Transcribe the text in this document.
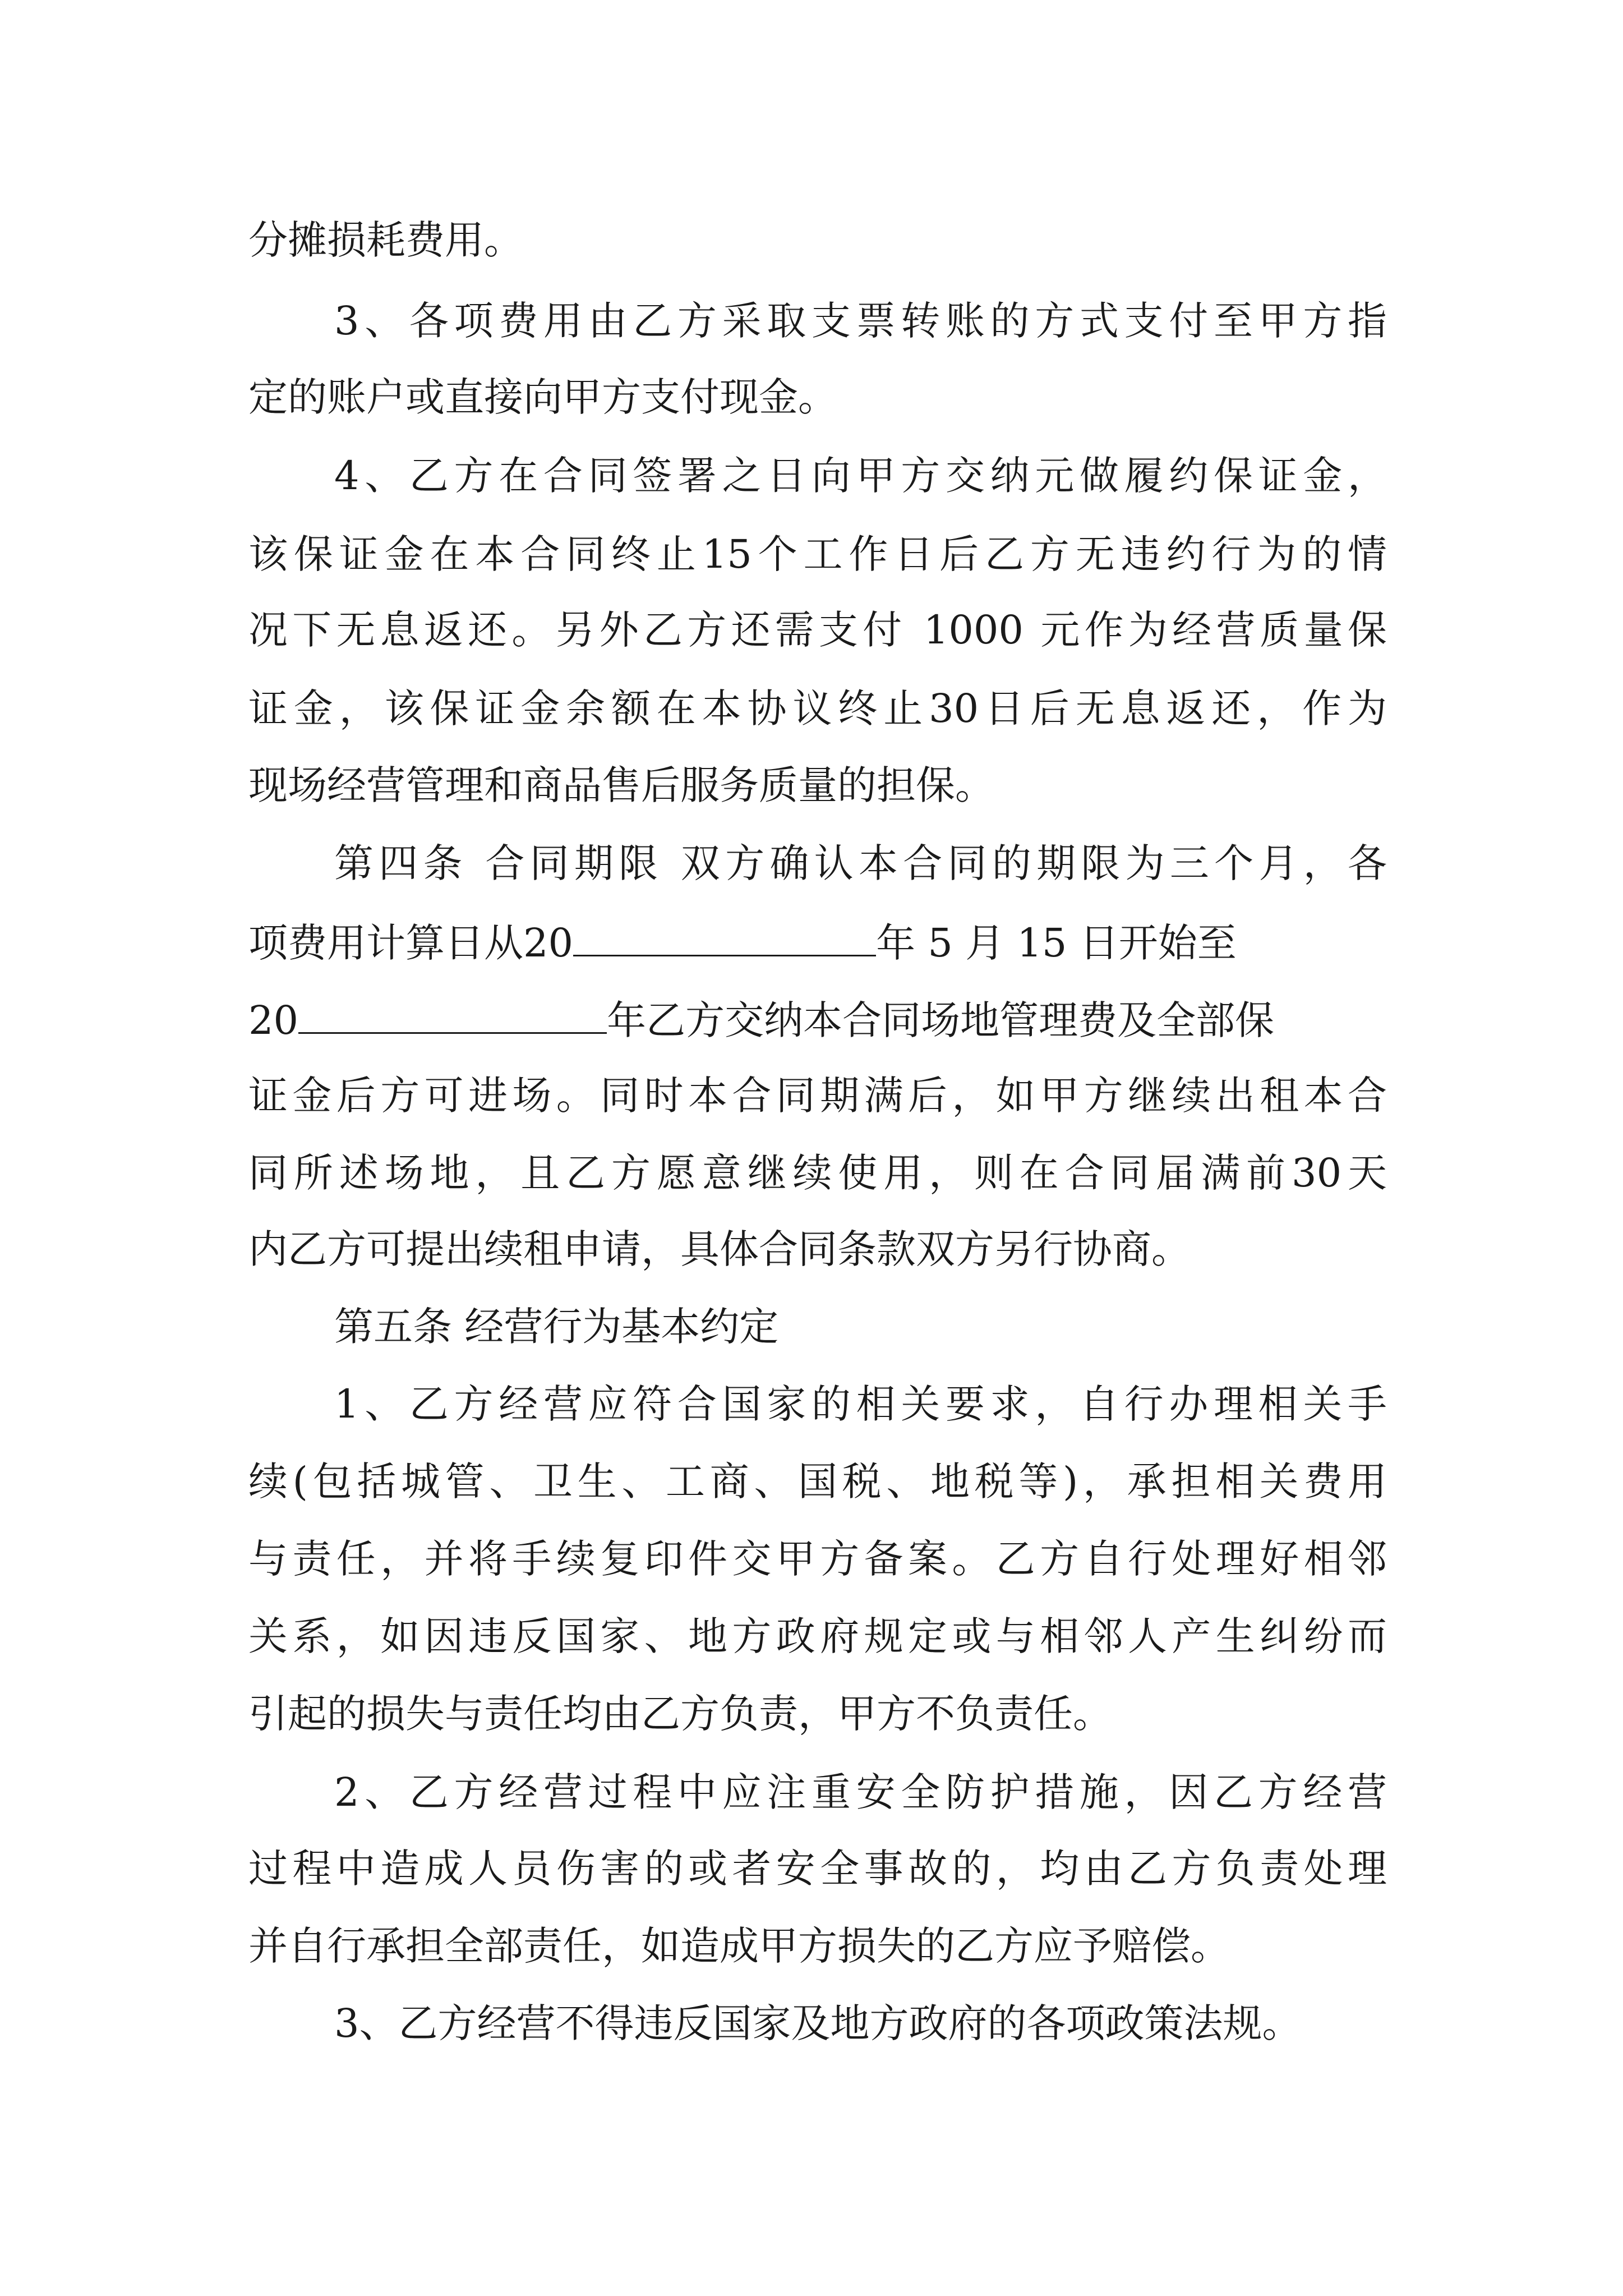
分摊损耗费用。
3、各项费用由乙方采取支票转账的方式支付至甲方指
定的账户或直接向甲方支付现金。
4、乙方在合同签署之日向甲方交纳元做履约保证金，
该保证金在本合同终止15个工作日后乙方无违约行为的情
况下无息返还。另外乙方还需支付 1000 元作为经营质量保
证金，该保证金余额在本协议终止30日后无息返还，作为
现场经营管理和商品售后服务质量的担保。
第四条 合同期限 双方确认本合同的期限为三个月，各
项费用计算日从20	年 5 月 15 日开始至
20	年乙方交纳本合同场地管理费及全部保
证金后方可进场。同时本合同期满后，如甲方继续出租本合
同所述场地，且乙方愿意继续使用，则在合同届满前30天
内乙方可提出续租申请，具体合同条款双方另行协商。
第五条 经营行为基本约定
1、乙方经营应符合国家的相关要求，自行办理相关手
续(包括城管、卫生、工商、国税、地税等)，承担相关费用
与责任，并将手续复印件交甲方备案。乙方自行处理好相邻
关系，如因违反国家、地方政府规定或与相邻人产生纠纷而
引起的损失与责任均由乙方负责，甲方不负责任。
2、乙方经营过程中应注重安全防护措施，因乙方经营
过程中造成人员伤害的或者安全事故的，均由乙方负责处理
并自行承担全部责任，如造成甲方损失的乙方应予赔偿。
3、乙方经营不得违反国家及地方政府的各项政策法规。
